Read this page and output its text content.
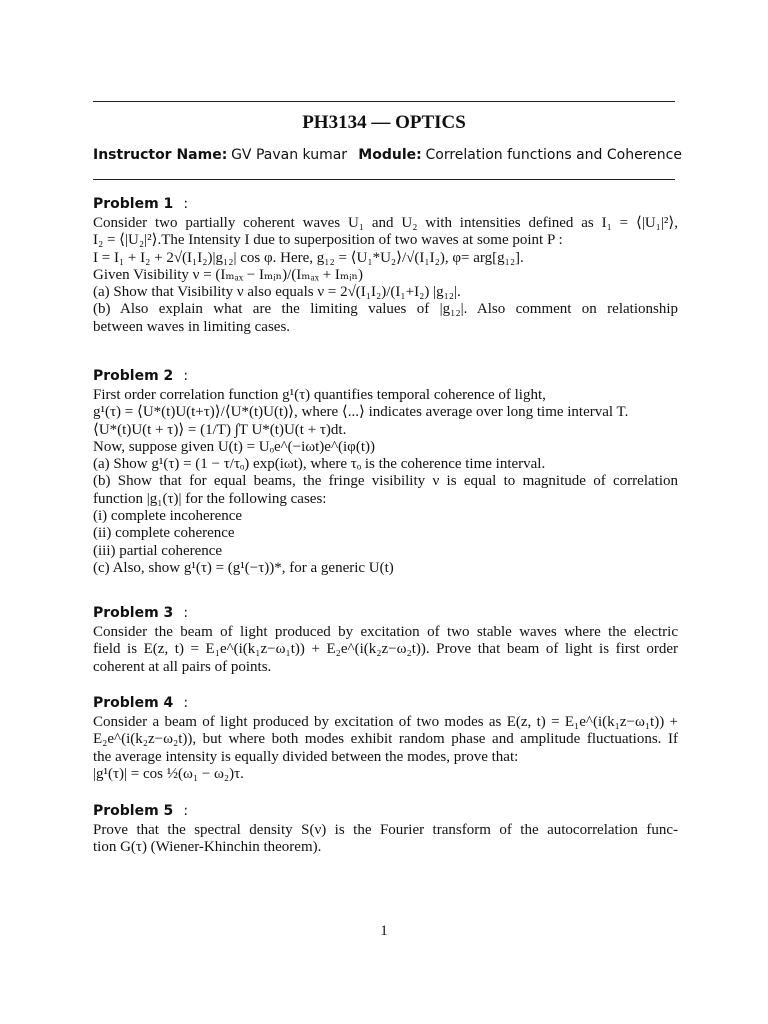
PH3134 — OPTICS
Instructor Name: GV Pavan kumar Module: Correlation functions and Coherence
Problem 1 :
Consider two partially coherent waves U₁ and U₂ with intensities defined as I₁ = ⟨|U₁|²⟩,
I₂ = ⟨|U₂|²⟩.The Intensity I due to superposition of two waves at some point P :
I = I₁ + I₂ + 2√(I₁I₂)|g₁₂| cos φ. Here, g₁₂ = ⟨U₁*U₂⟩/√(I₁I₂), φ= arg[g₁₂].
Given Visibility ν = (Iₘₐₓ − Iₘᵢₙ)/(Iₘₐₓ + Iₘᵢₙ)
(a) Show that Visibility ν also equals ν = 2√(I₁I₂)/(I₁+I₂) |g₁₂|.
(b) Also explain what are the limiting values of |g₁₂|. Also comment on relationship
between waves in limiting cases.
Problem 2 :
First order correlation function g¹(τ) quantifies temporal coherence of light,
g¹(τ) = ⟨U*(t)U(t+τ)⟩/⟨U*(t)U(t)⟩, where ⟨...⟩ indicates average over long time interval T.
⟨U*(t)U(t + τ)⟩ = (1/T) ∫T U*(t)U(t + τ)dt.
Now, suppose given U(t) = Uₒe^(−iωt)e^(iφ(t))
(a) Show g¹(τ) = (1 − τ/τₒ) exp(iωt), where τₒ is the coherence time interval.
(b) Show that for equal beams, the fringe visibility ν is equal to magnitude of correlation
function |g₁(τ)| for the following cases:
(i) complete incoherence
(ii) complete coherence
(iii) partial coherence
(c) Also, show g¹(τ) = (g¹(−τ))*, for a generic U(t)
Problem 3 :
Consider the beam of light produced by excitation of two stable waves where the electric
field is E(z, t) = E₁e^(i(k₁z−ω₁t)) + E₂e^(i(k₂z−ω₂t)). Prove that beam of light is first order
coherent at all pairs of points.
Problem 4 :
Consider a beam of light produced by excitation of two modes as E(z, t) = E₁e^(i(k₁z−ω₁t)) +
E₂e^(i(k₂z−ω₂t)), but where both modes exhibit random phase and amplitude fluctuations. If
the average intensity is equally divided between the modes, prove that:
|g¹(τ)| = cos ½(ω₁ − ω₂)τ.
Problem 5 :
Prove that the spectral density S(ν) is the Fourier transform of the autocorrelation func-
tion G(τ) (Wiener-Khinchin theorem).
1
